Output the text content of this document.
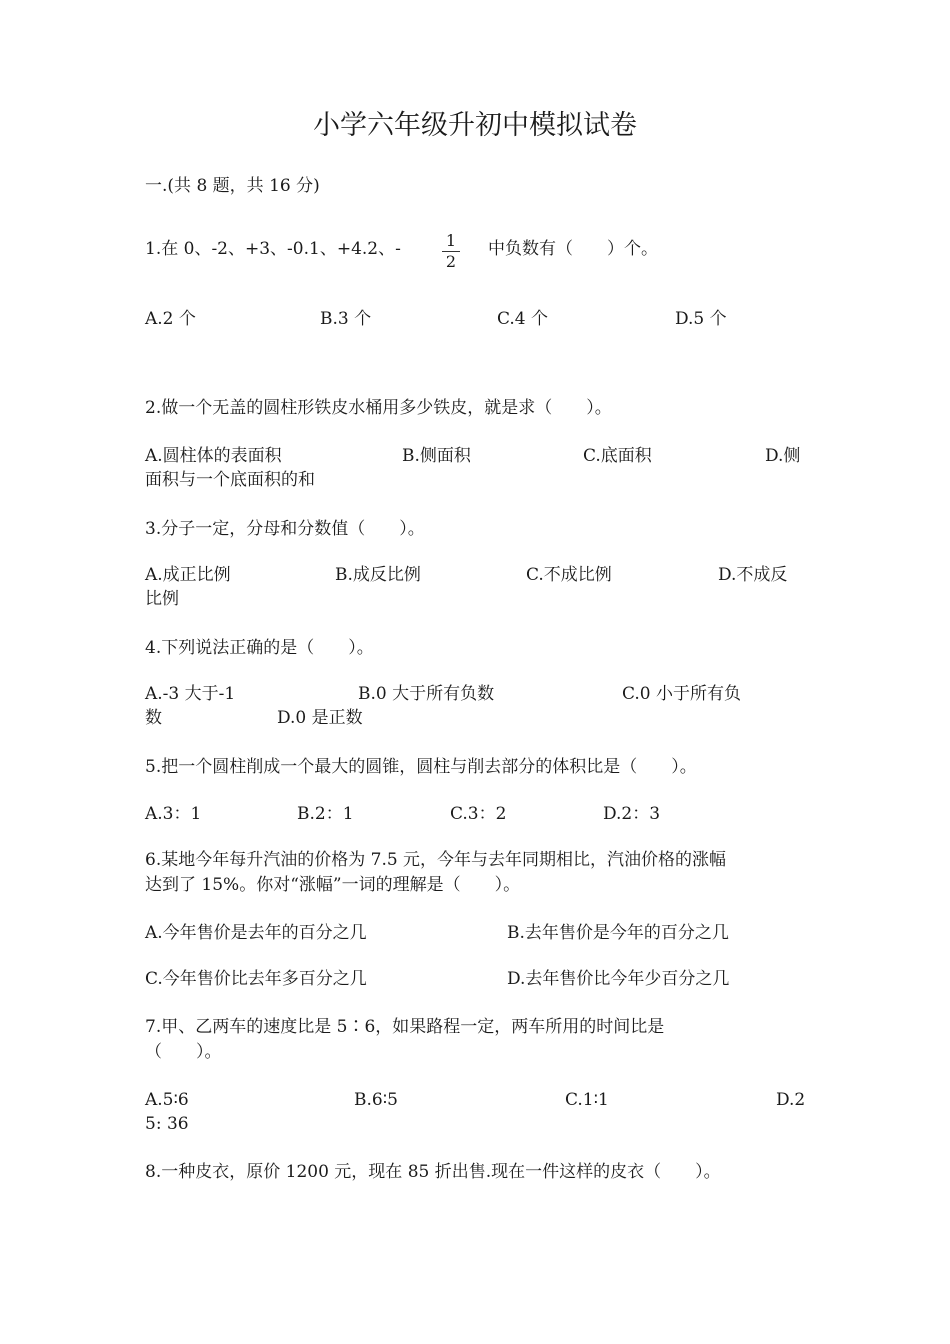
小学六年级升初中模拟试卷
一.(共 8 题，共 16 分)
1.在 0、-2、+3、-0.1、+4.2、-	1
2
中负数有（　　）个。
A.2 个	B.3 个	C.4 个	D.5 个
2.做一个无盖的圆柱形铁皮水桶用多少铁皮，就是求（　　）。
A.圆柱体的表面积	B.侧面积	C.底面积	D.侧
面积与一个底面积的和
3.分子一定，分母和分数值（　　）。
A.成正比例	B.成反比例	C.不成比例	D.不成反
比例
4.下列说法正确的是（　　）。
A.-3 大于-1	B.0 大于所有负数	C.0 小于所有负
数	D.0 是正数
5.把一个圆柱削成一个最大的圆锥，圆柱与削去部分的体积比是（　　）。
A.3：1	B.2：1	C.3：2	D.2：3
6.某地今年每升汽油的价格为 7.5 元，今年与去年同期相比，汽油价格的涨幅
达到了 15%。你对“涨幅”一词的理解是（　　）。
A.今年售价是去年的百分之几	B.去年售价是今年的百分之几
C.今年售价比去年多百分之几	D.去年售价比今年少百分之几
7.甲、乙两车的速度比是 5∶6，如果路程一定，两车所用的时间比是
（　　）。
A.5∶6	B.6∶5	C.1∶1	D.2
5: 36
8.一种皮衣，原价 1200 元，现在 85 折出售.现在一件这样的皮衣（　　）。
